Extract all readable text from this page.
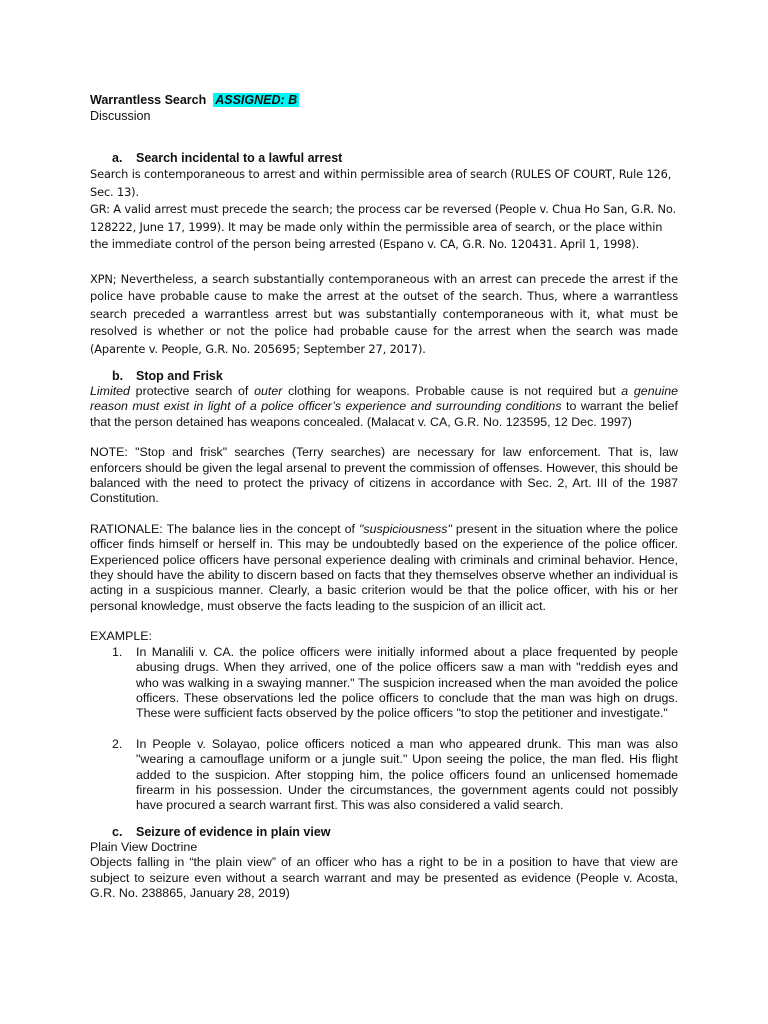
Warrantless Search ASSIGNED: B
Discussion
a. Search incidental to a lawful arrest

Search is contemporaneous to arrest and within permissible area of search (RULES OF COURT, Rule 126, Sec. 13).

GR: A valid arrest must precede the search; the process car be reversed (People v. Chua Ho San, G.R. No. 128222, June 17, 1999). It may be made only within the permissible area of search, or the place within the immediate control of the person being arrested (Espano v. CA, G.R. No. 120431. April 1, 1998).

XPN; Nevertheless, a search substantially contemporaneous with an arrest can precede the arrest if the police have probable cause to make the arrest at the outset of the search. Thus, where a warrantless search preceded a warrantless arrest but was substantially contemporaneous with it, what must be resolved is whether or not the police had probable cause for the arrest when the search was made (Aparente v. People, G.R. No. 205695; September 27, 2017).

b. Stop and Frisk

Limited protective search of outer clothing for weapons. Probable cause is not required but a genuine reason must exist in light of a police officer’s experience and surrounding conditions to warrant the belief that the person detained has weapons concealed. (Malacat v. CA, G.R. No. 123595, 12 Dec. 1997)

NOTE: "Stop and frisk" searches (Terry searches) are necessary for law enforcement. That is, law enforcers should be given the legal arsenal to prevent the commission of offenses. However, this should be balanced with the need to protect the privacy of citizens in accordance with Sec. 2, Art. III of the 1987 Constitution.

RATIONALE: The balance lies in the concept of "suspiciousness" present in the situation where the police officer finds himself or herself in. This may be undoubtedly based on the experience of the police officer. Experienced police officers have personal experience dealing with criminals and criminal behavior. Hence, they should have the ability to discern based on facts that they themselves observe whether an individual is acting in a suspicious manner. Clearly, a basic criterion would be that the police officer, with his or her personal knowledge, must observe the facts leading to the suspicion of an illicit act.

EXAMPLE:

1. In Manalili v. CA. the police officers were initially informed about a place frequented by people abusing drugs. When they arrived, one of the police officers saw a man with "reddish eyes and who was walking in a swaying manner." The suspicion increased when the man avoided the police officers. These observations led the police officers to conclude that the man was high on drugs. These were sufficient facts observed by the police officers "to stop the petitioner and investigate."
2. In People v. Solayao, police officers noticed a man who appeared drunk. This man was also "wearing a camouflage uniform or a jungle suit." Upon seeing the police, the man fled. His flight added to the suspicion. After stopping him, the police officers found an unlicensed homemade firearm in his possession. Under the circumstances, the government agents could not possibly have procured a search warrant first. This was also considered a valid search.
c. Seizure of evidence in plain view

Plain View Doctrine

Objects falling in “the plain view” of an officer who has a right to be in a position to have that view are subject to seizure even without a search warrant and may be presented as evidence (People v. Acosta, G.R. No. 238865, January 28, 2019)
